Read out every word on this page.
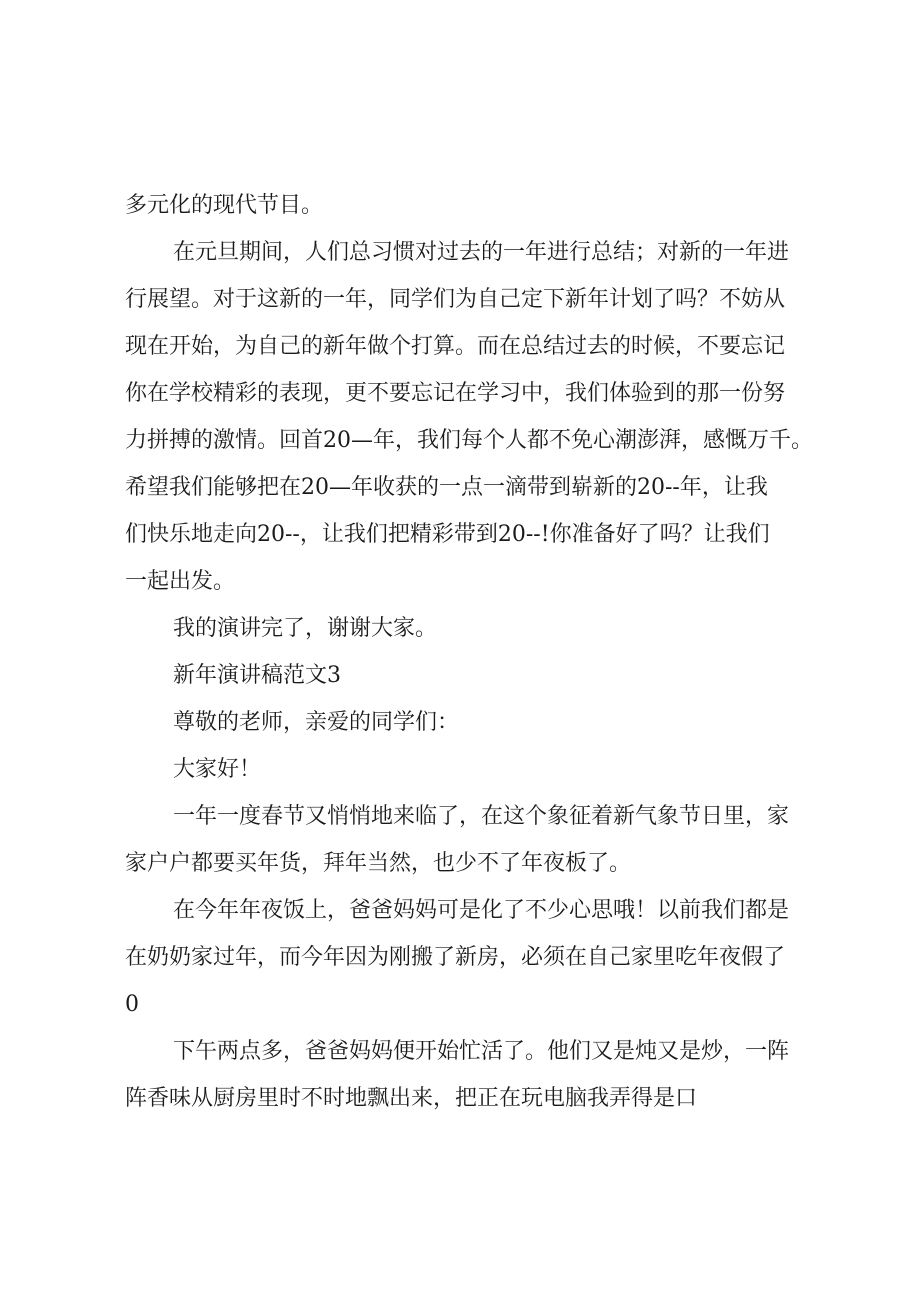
多元化的现代节目。
在元旦期间，人们总习惯对过去的一年进行总结；对新的一年进
行展望。对于这新的一年，同学们为自己定下新年计划了吗？不妨从
现在开始，为自己的新年做个打算。而在总结过去的时候，不要忘记
你在学校精彩的表现，更不要忘记在学习中，我们体验到的那一份努
力拼搏的激情。回首20—年，我们每个人都不免心潮澎湃，感慨万千。
希望我们能够把在20—年收获的一点一滴带到崭新的20--年，让我
们快乐地走向20--，让我们把精彩带到20--!你准备好了吗？让我们
一起出发。
我的演讲完了，谢谢大家。
新年演讲稿范文3
尊敬的老师，亲爱的同学们：
大家好！
一年一度春节又悄悄地来临了，在这个象征着新气象节日里，家
家户户都要买年货，拜年当然，也少不了年夜板了。
在今年年夜饭上，爸爸妈妈可是化了不少心思哦！以前我们都是
在奶奶家过年，而今年因为刚搬了新房，必须在自己家里吃年夜假了
0
下午两点多，爸爸妈妈便开始忙活了。他们又是炖又是炒，一阵
阵香味从厨房里时不时地飘出来，把正在玩电脑我弄得是口
